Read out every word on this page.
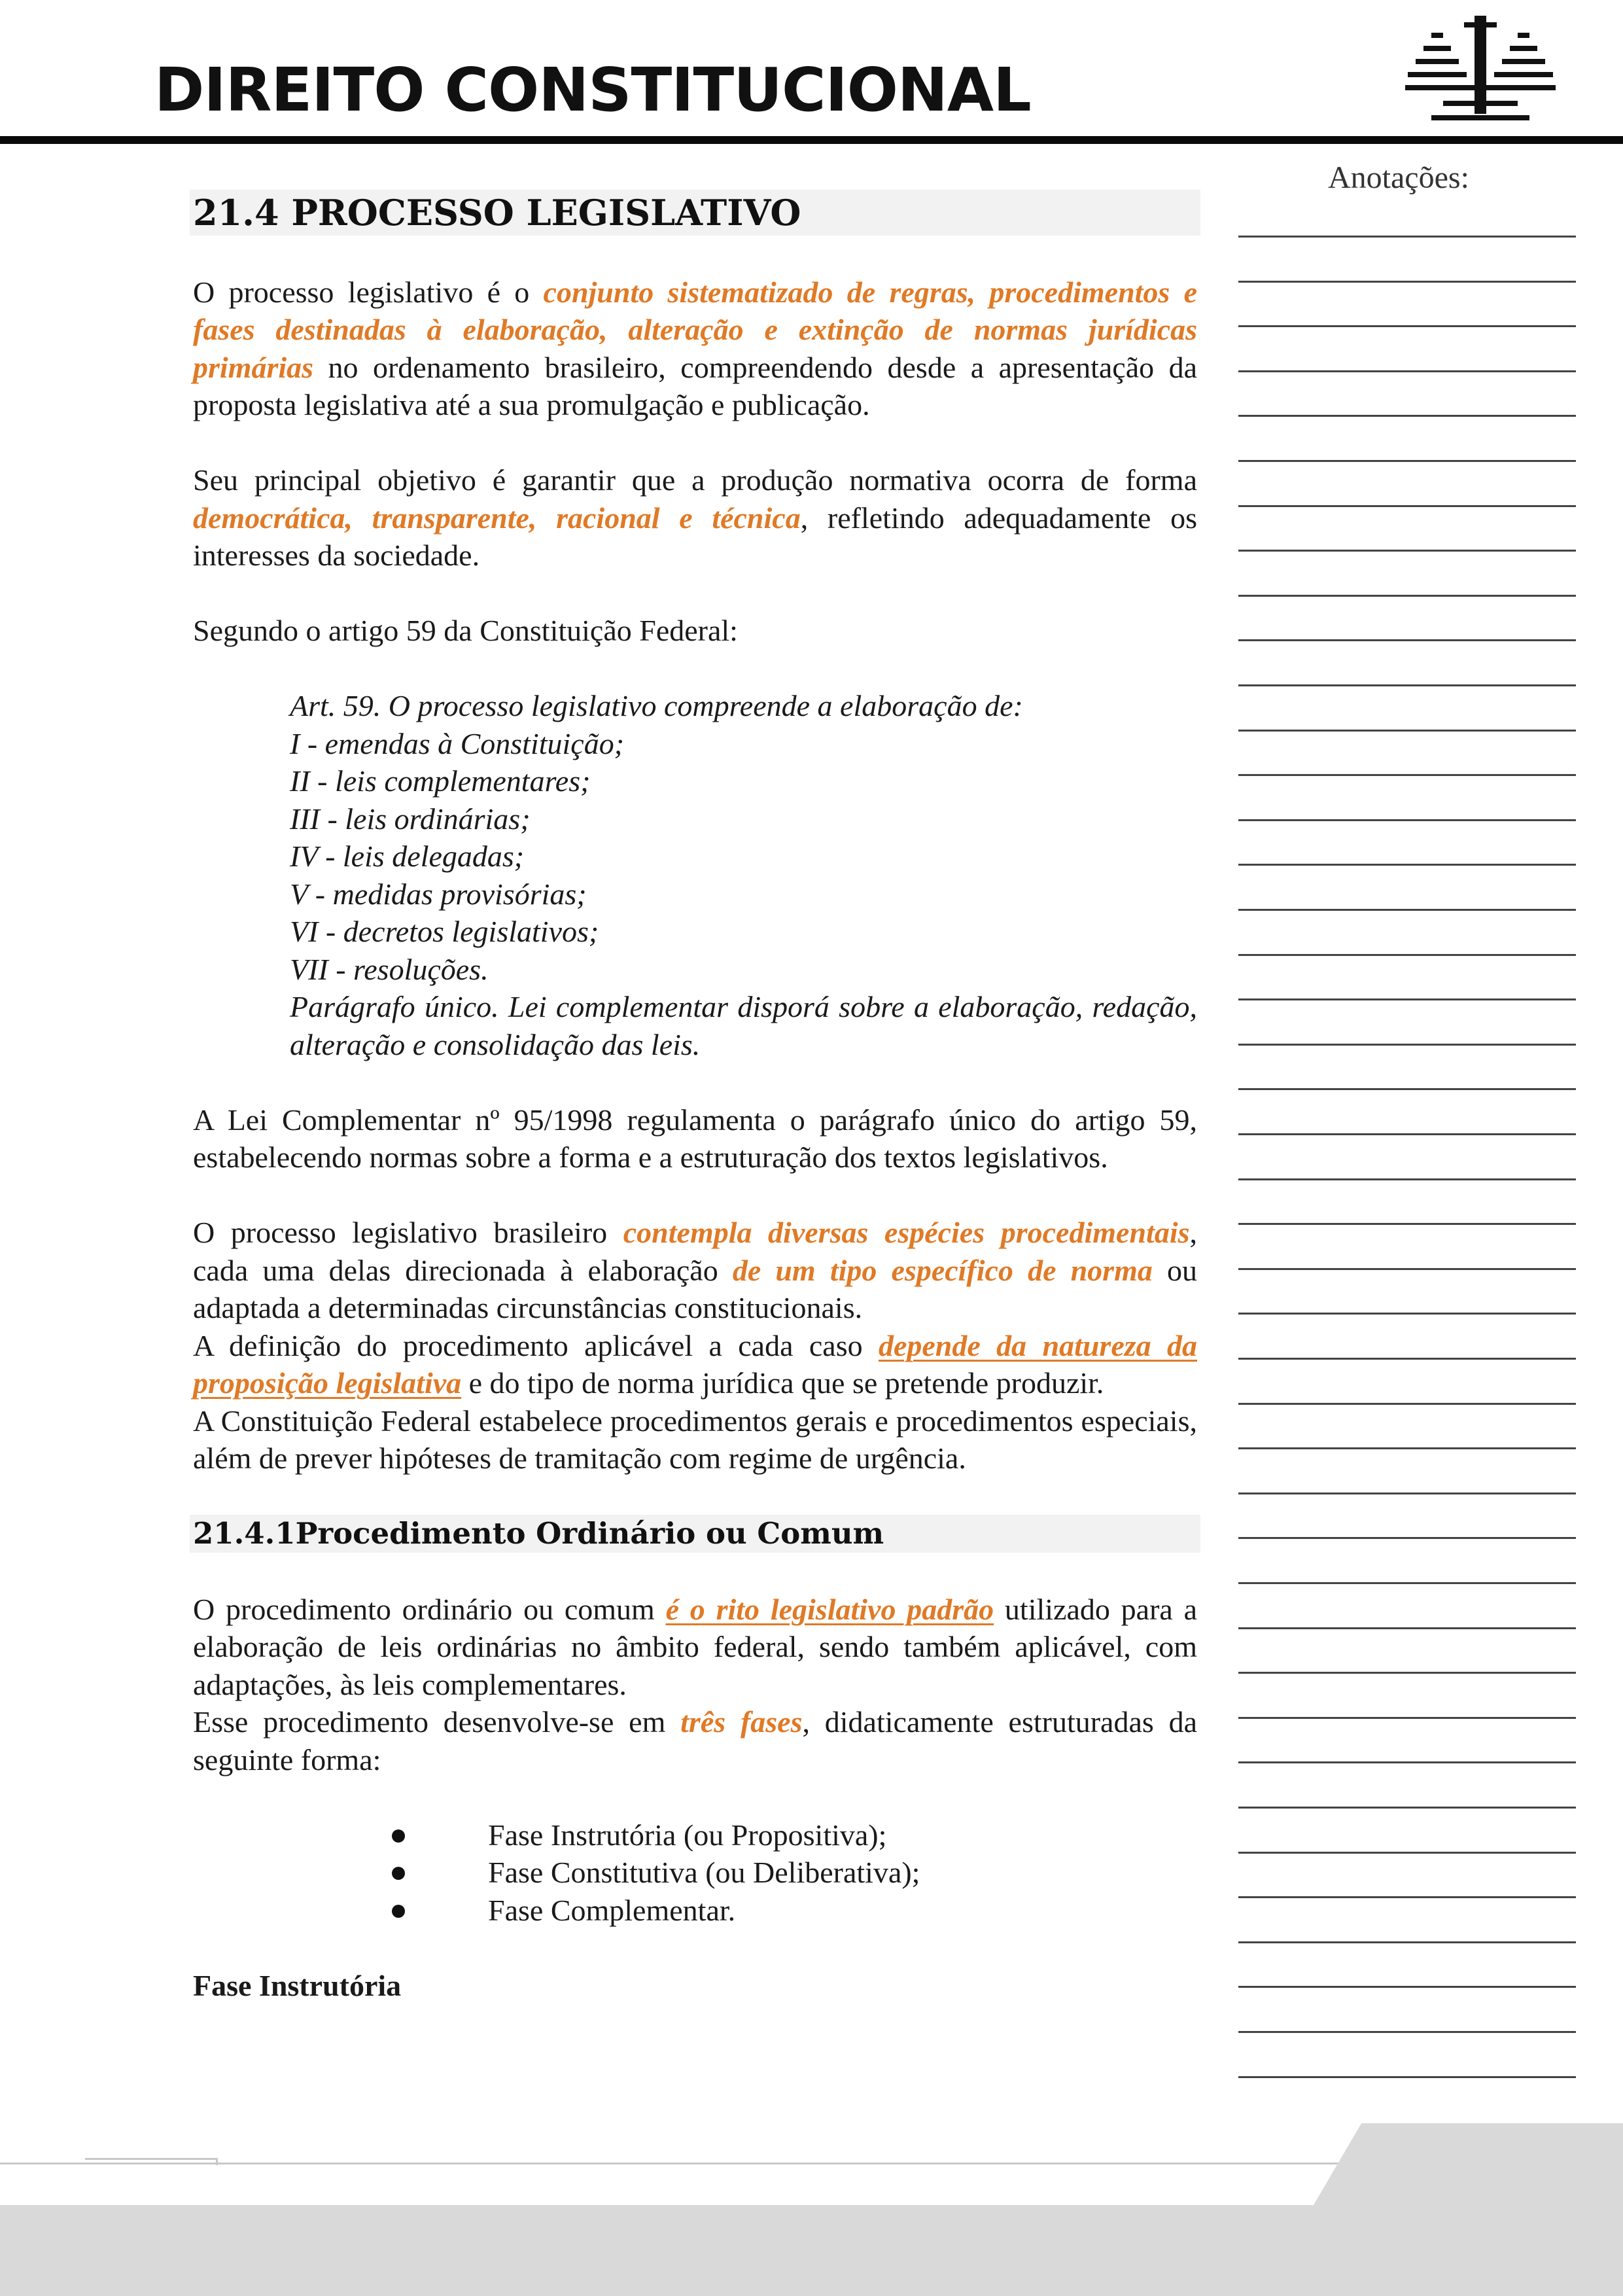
DIREITO CONSTITUCIONAL
Anotações:
21.4 PROCESSO LEGISLATIVO

O processo legislativo é o conjunto sistematizado de regras, procedimentos e fases destinadas à elaboração, alteração e extinção de normas jurídicas primárias no ordenamento brasileiro, compreendendo desde a apresentação da proposta legislativa até a sua promulgação e publicação.

Seu principal objetivo é garantir que a produção normativa ocorra de forma democrática, transparente, racional e técnica, refletindo adequadamente os interesses da sociedade.

Segundo o artigo 59 da Constituição Federal:

Art. 59. O processo legislativo compreende a elaboração de:

I - emendas à Constituição;

II - leis complementares;

III - leis ordinárias;

IV - leis delegadas;

V - medidas provisórias;

VI - decretos legislativos;

VII - resoluções.

Parágrafo único. Lei complementar disporá sobre a elaboração, redação, alteração e consolidação das leis.

A Lei Complementar nº 95/1998 regulamenta o parágrafo único do artigo 59, estabelecendo normas sobre a forma e a estruturação dos textos legislativos.

O processo legislativo brasileiro contempla diversas espécies procedimentais, cada uma delas direcionada à elaboração de um tipo específico de norma ou adaptada a determinadas circunstâncias constitucionais.

A definição do procedimento aplicável a cada caso depende da natureza da proposição legislativa e do tipo de norma jurídica que se pretende produzir.

A Constituição Federal estabelece procedimentos gerais e procedimentos especiais, além de prever hipóteses de tramitação com regime de urgência.

21.4.1Procedimento Ordinário ou Comum

O procedimento ordinário ou comum é o rito legislativo padrão utilizado para a elaboração de leis ordinárias no âmbito federal, sendo também aplicável, com adaptações, às leis complementares.

Esse procedimento desenvolve-se em três fases, didaticamente estruturadas da seguinte forma:

Fase Instrutória (ou Propositiva);
Fase Constitutiva (ou Deliberativa);
Fase Complementar.

Fase Instrutória
